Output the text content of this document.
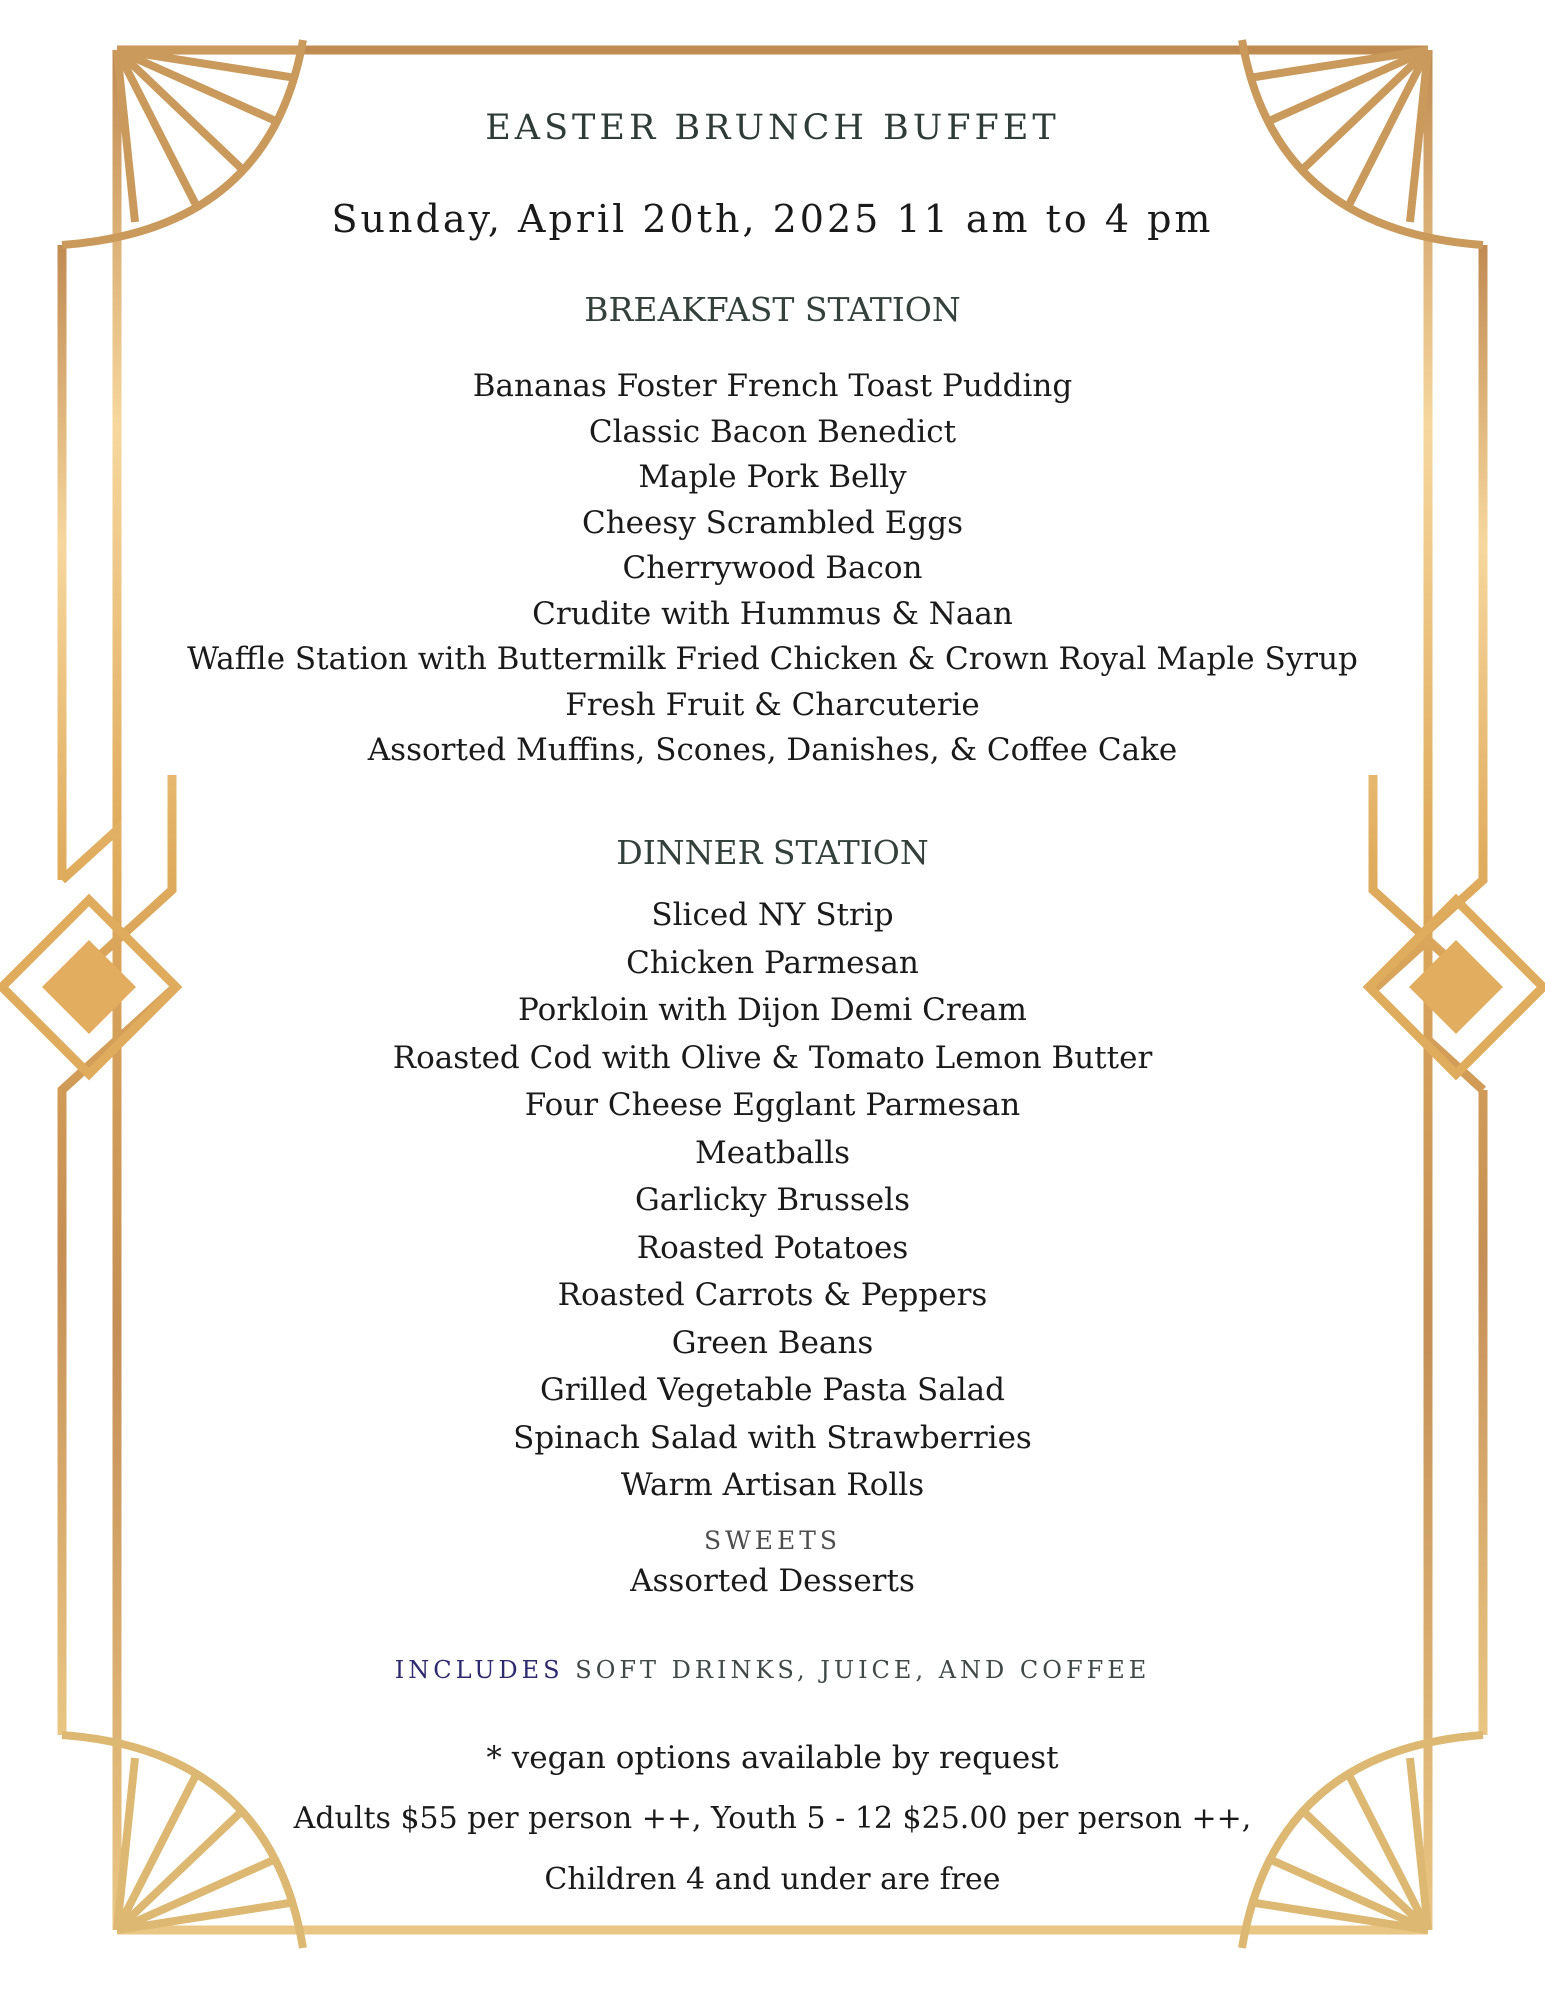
EASTER BRUNCH BUFFET
Sunday, April 20th, 2025 11 am to 4 pm
BREAKFAST STATION
Bananas Foster French Toast Pudding
Classic Bacon Benedict
Maple Pork Belly
Cheesy Scrambled Eggs
Cherrywood Bacon
Crudite with Hummus & Naan
Waffle Station with Buttermilk Fried Chicken & Crown Royal Maple Syrup
Fresh Fruit & Charcuterie
Assorted Muffins, Scones, Danishes, & Coffee Cake
DINNER STATION
Sliced NY Strip
Chicken Parmesan
Porkloin with Dijon Demi Cream
Roasted Cod with Olive & Tomato Lemon Butter
Four Cheese Egglant Parmesan
Meatballs
Garlicky Brussels
Roasted Potatoes
Roasted Carrots & Peppers
Green Beans
Grilled Vegetable Pasta Salad
Spinach Salad with Strawberries
Warm Artisan Rolls
SWEETS
Assorted Desserts
INCLUDES SOFT DRINKS, JUICE, AND COFFEE
* vegan options available by request
Adults $55 per person ++, Youth 5 - 12 $25.00 per person ++,
Children 4 and under are free
